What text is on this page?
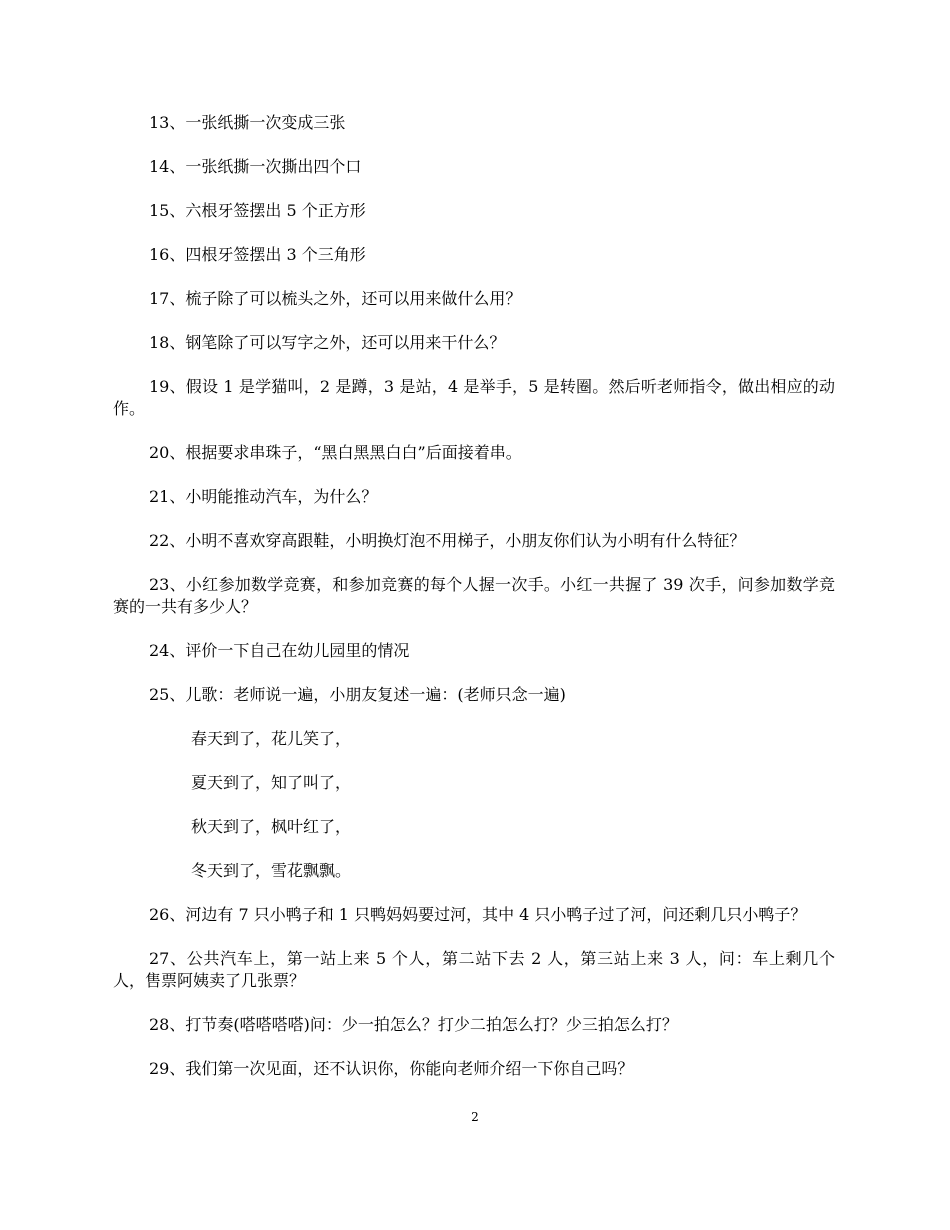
13、一张纸撕一次变成三张

14、一张纸撕一次撕出四个口

15、六根牙签摆出 5 个正方形

16、四根牙签摆出 3 个三角形

17、梳子除了可以梳头之外，还可以用来做什么用？

18、钢笔除了可以写字之外，还可以用来干什么？

19、假设 1 是学猫叫，2 是蹲，3 是站，4 是举手，5 是转圈。然后听老师指令，做出相应的动作。

20、根据要求串珠子，“黑白黑黑白白”后面接着串。

21、小明能推动汽车，为什么？

22、小明不喜欢穿高跟鞋，小明换灯泡不用梯子，小朋友你们认为小明有什么特征？

23、小红参加数学竞赛，和参加竞赛的每个人握一次手。小红一共握了 39 次手，问参加数学竞赛的一共有多少人？

24、评价一下自己在幼儿园里的情况

25、儿歌：老师说一遍，小朋友复述一遍：(老师只念一遍)

春天到了，花儿笑了，

夏天到了，知了叫了，

秋天到了，枫叶红了，

冬天到了，雪花飘飘。

26、河边有 7 只小鸭子和 1 只鸭妈妈要过河，其中 4 只小鸭子过了河，问还剩几只小鸭子？

27、公共汽车上，第一站上来 5 个人，第二站下去 2 人，第三站上来 3 人，问：车上剩几个人，售票阿姨卖了几张票？

28、打节奏(嗒嗒嗒嗒)问：少一拍怎么？打少二拍怎么打？少三拍怎么打？

29、我们第一次见面，还不认识你，你能向老师介绍一下你自己吗？

2
